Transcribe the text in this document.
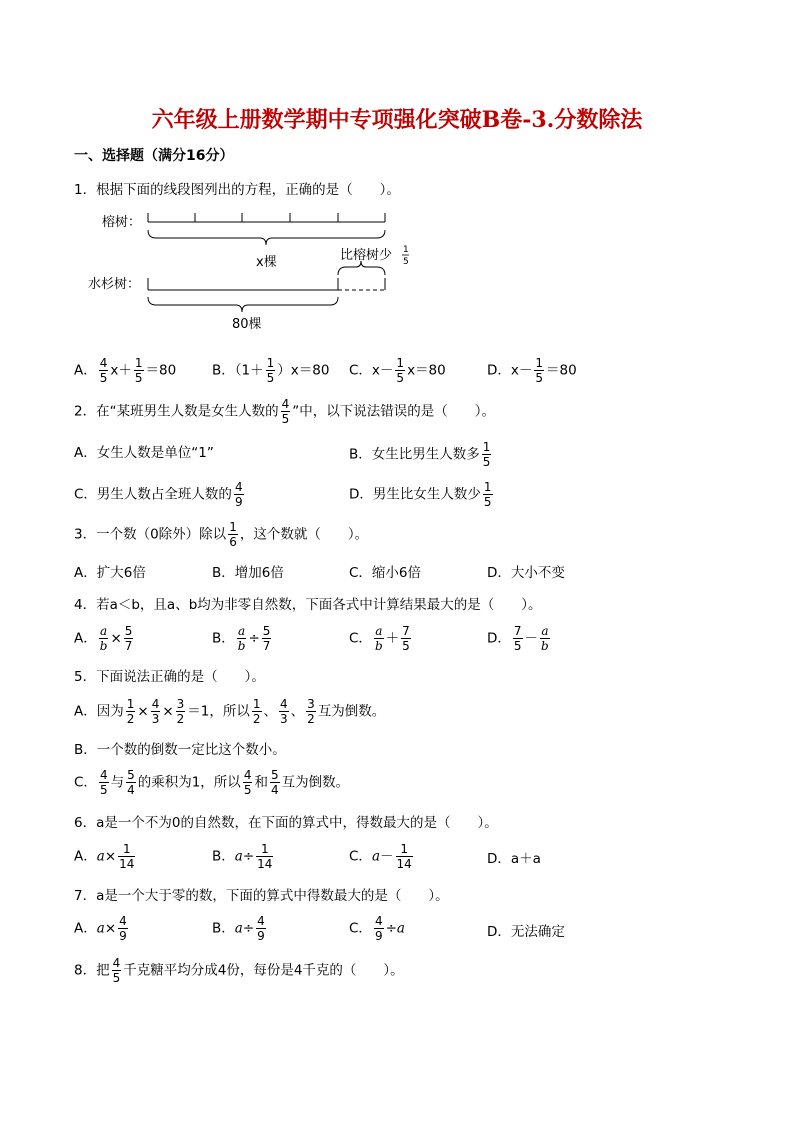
六年级上册数学期中专项强化突破B卷-3.分数除法
一、选择题（满分16分）
1．根据下面的线段图列出的方程，正确的是（　　）。
榕树：
x棵	比榕树少 1
5
水杉树：
80棵
A． $\frac{4}{5} x+ \frac{1}{5} =80$	B．$(1+ \frac{1}{5} )x=80$ C．$x- \frac{1}{5} x=80$	D．$x- \frac{1}{5} =80$
2．在“某班男生人数是女生人数的 $\frac{4}{5}$ ”中，以下说法错误的是（　　）。
A．女生人数是单位“1”	B．女生比男生人数多 $\frac{1}{5}$
C．男生人数占全班人数的 $\frac{4}{9}$	D．男生比女生人数少 $\frac{1}{5}$
3．一个数（0除外）除以 $\frac{1}{6}$ ，这个数就（　　）。
A．扩大6倍	B．增加6倍	C．缩小6倍	D．大小不变
4．若a＜b，且a、b均为非零自然数，下面各式中计算结果最大的是（　　）。
A． $\frac{a}{b} \times \frac{5}{7}$	B． $\frac{a}{b} \div \frac{5}{7}$	C． $\frac{a}{b} + \frac{7}{5}$	D． $\frac{7}{5} - \frac{a}{b}$
5．下面说法正确的是（　　）。
A．因为 $\frac{1}{2} \times \frac{4}{3} \times \frac{3}{2} =1$，所以 $\frac{1}{2}$ 、 $\frac{4}{3}$ 、 $\frac{3}{2}$ 互为倒数。
B．一个数的倒数一定比这个数小。
C． $\frac{4}{5}$ 与 $\frac{5}{4}$ 的乘积为1，所以 $\frac{4}{5}$ 和 $\frac{5}{4}$ 互为倒数。
6．a是一个不为0的自然数，在下面的算式中，得数最大的是（　　）。
A．$a\times \frac{1}{14}$	B．$a\div \frac{1}{14}$	C．$a- \frac{1}{14}$	D．a＋a
7．a是一个大于零的数，下面的算式中得数最大的是（　　）。
A．$a\times \frac{4}{9}$	B．$a\div \frac{4}{9}$	C． $\frac{4}{9} \div a$	D．无法确定
8．把 $\frac{4}{5}$ 千克糖平均分成4份，每份是4千克的（　　）。
